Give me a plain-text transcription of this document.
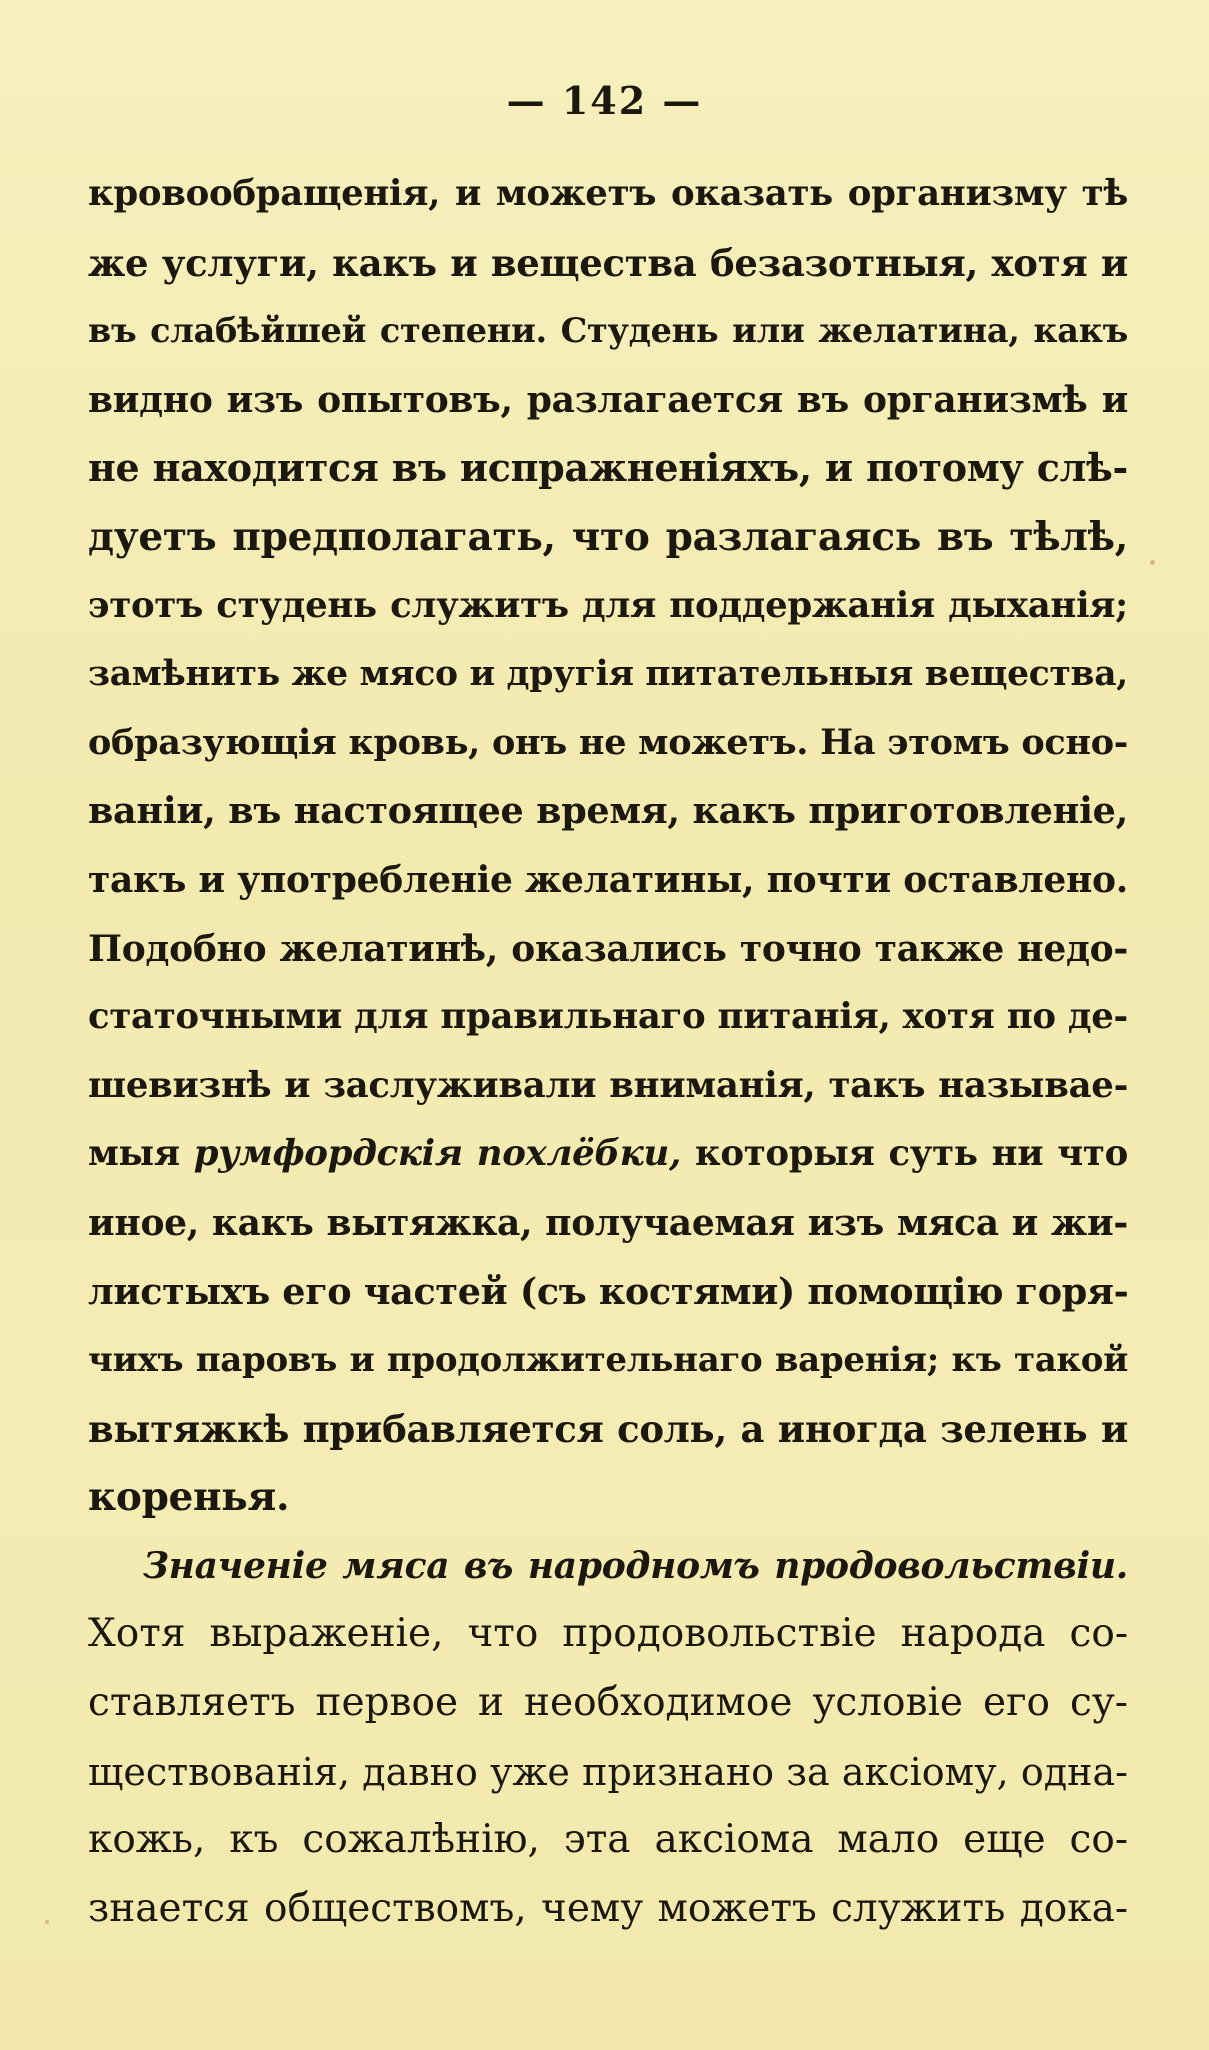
— 142 —
кровообращенія, и можетъ оказать организму тѣ
же услуги, какъ и вещества безазотныя, хотя и
въ слабѣйшей степени. Студень или желатина, какъ
видно изъ опытовъ, разлагается въ организмѣ и
не находится въ испражненіяхъ, и потому слѣ-
дуетъ предполагать, что разлагаясь въ тѣлѣ,
этотъ студень служитъ для поддержанія дыханія;
замѣнить же мясо и другія питательныя вещества,
образующія кровь, онъ не можетъ. На этомъ осно-
ваніи, въ настоящее время, какъ приготовленіе,
такъ и употребленіе желатины, почти оставлено.
Подобно желатинѣ, оказались точно также недо-
статочными для правильнаго питанія, хотя по де-
шевизнѣ и заслуживали вниманія, такъ называе-
мыя румфордскія похлёбки, которыя суть ни что
иное, какъ вытяжка, получаемая изъ мяса и жи-
листыхъ его частей (съ костями) помощію горя-
чихъ паровъ и продолжительнаго варенія; къ такой
вытяжкѣ прибавляется соль, а иногда зелень и
коренья.
Значеніе мяса въ народномъ продовольствіи.
Хотя выраженіе, что продовольствіе народа со-
ставляетъ первое и необходимое условіе его су-
ществованія, давно уже признано за аксіому, одна-
кожь, къ сожалѣнію, эта аксіома мало еще со-
знается обществомъ, чему можетъ служить дока-
